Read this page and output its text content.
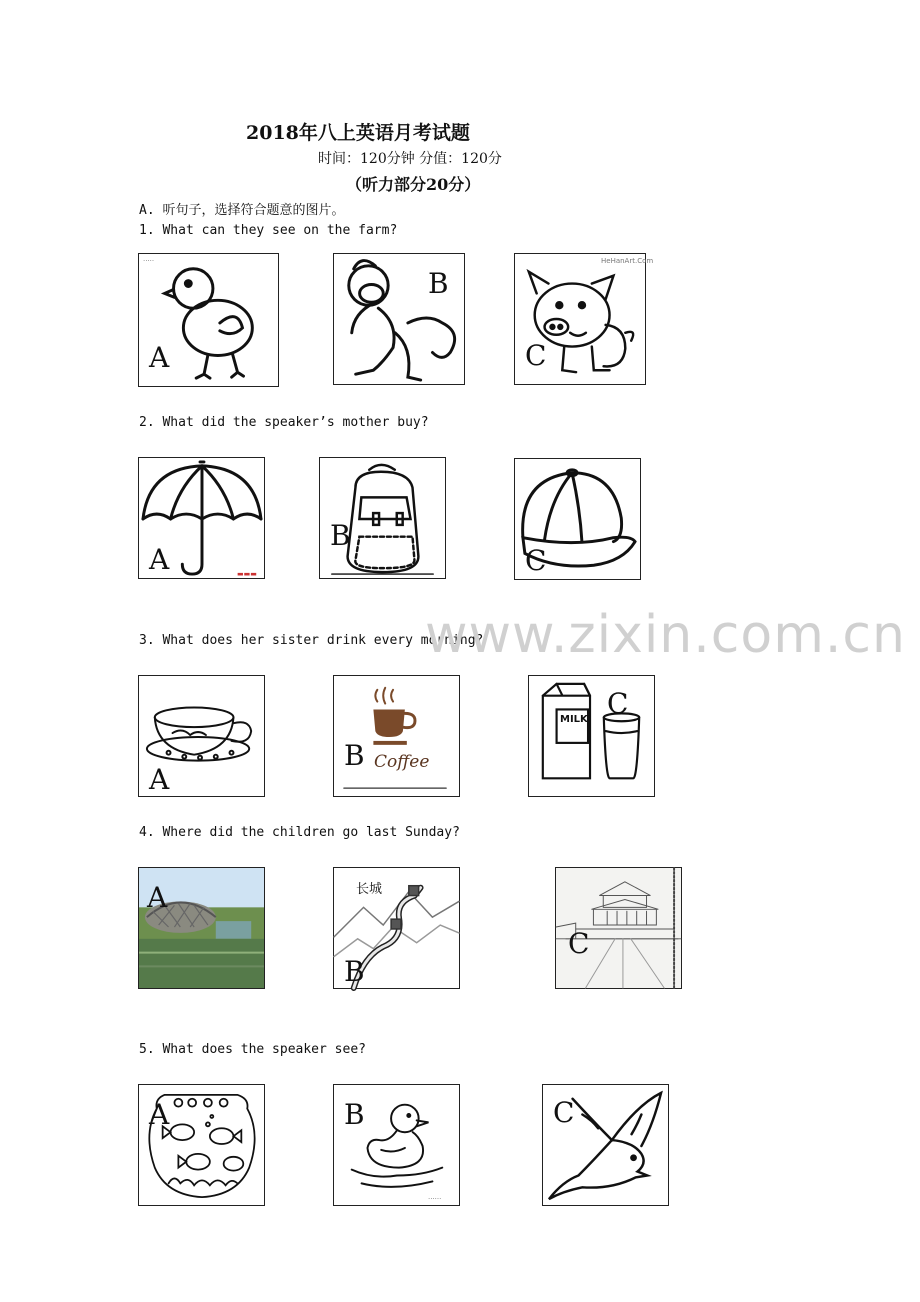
2018年八上英语月考试题
时间：120分钟 分值：120分
（听力部分20分）
A. 听句子，选择符合题意的图片。
1. What can they see on the farm?
2. What did the speaker’s mother buy?
3. What does her sister drink every morning?
4. Where did the children go last Sunday?
5. What does the speaker see?
·····
A
B
HeHanArt.Com
C
▬▬▬
A
B
C
www.zixin.com.cn
A
Coffee
B
MILK C
A	长城
B
C
A
······
B	C
